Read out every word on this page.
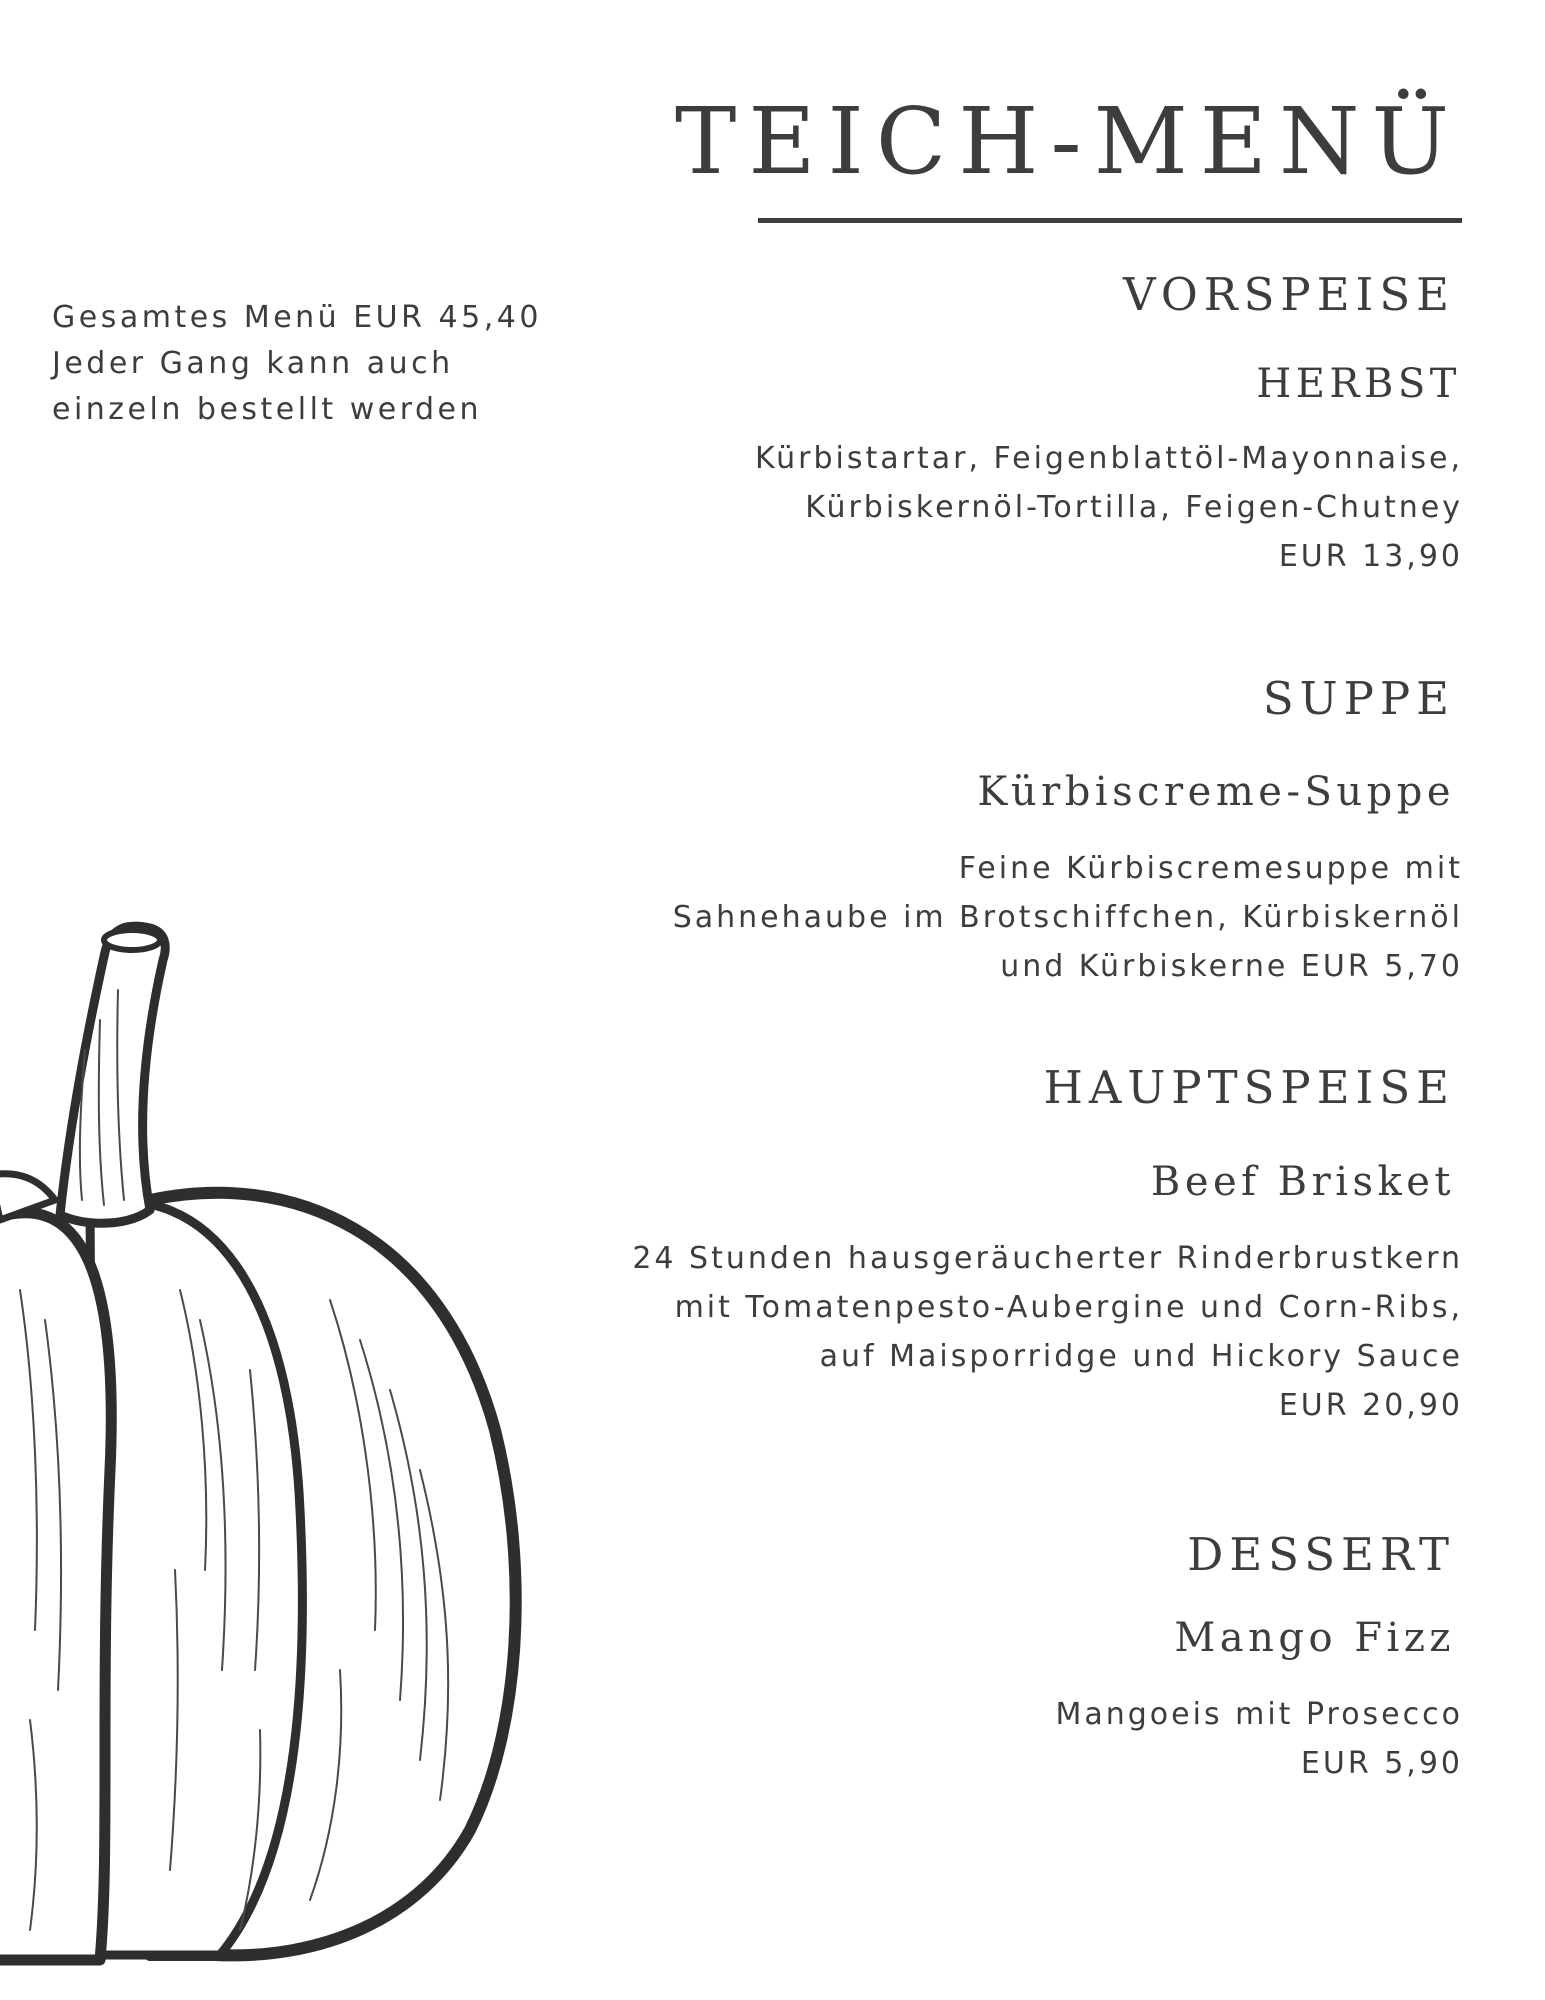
TEICH-MENÜ
Gesamtes Menü EUR 45,40
Jeder Gang kann auch
einzeln bestellt werden
VORSPEISE
HERBST
Kürbistartar, Feigenblattöl-Mayonnaise,
Kürbiskernöl-Tortilla, Feigen-Chutney
EUR 13,90
SUPPE
Kürbiscreme-Suppe
Feine Kürbiscremesuppe mit
Sahnehaube im Brotschiffchen, Kürbiskernöl
und Kürbiskerne EUR 5,70
HAUPTSPEISE
Beef Brisket
24 Stunden hausgeräucherter Rinderbrustkern
mit Tomatenpesto-Aubergine und Corn-Ribs,
auf Maisporridge und Hickory Sauce
EUR 20,90
DESSERT
Mango Fizz
Mangoeis mit Prosecco
EUR 5,90
